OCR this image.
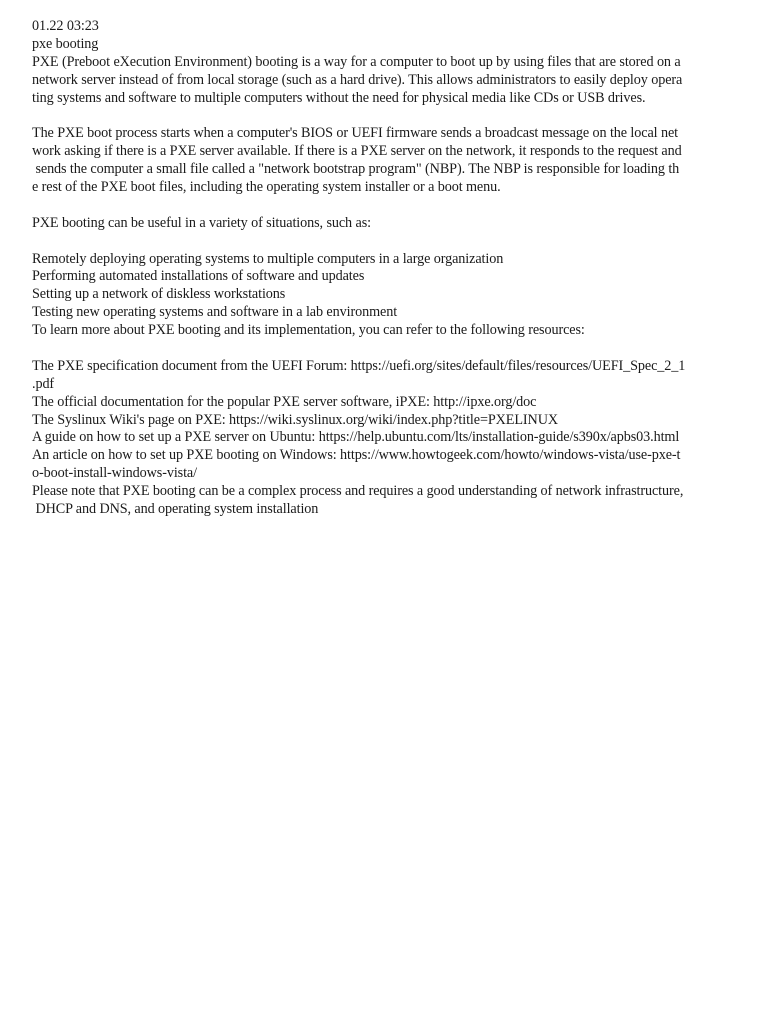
01.22 03:23
pxe booting
PXE (Preboot eXecution Environment) booting is a way for a computer to boot up by using files that are stored on a
network server instead of from local storage (such as a hard drive). This allows administrators to easily deploy opera
ting systems and software to multiple computers without the need for physical media like CDs or USB drives.
The PXE boot process starts when a computer's BIOS or UEFI firmware sends a broadcast message on the local net
work asking if there is a PXE server available. If there is a PXE server on the network, it responds to the request and
sends the computer a small file called a "network bootstrap program" (NBP). The NBP is responsible for loading th
e rest of the PXE boot files, including the operating system installer or a boot menu.
PXE booting can be useful in a variety of situations, such as:
Remotely deploying operating systems to multiple computers in a large organization
Performing automated installations of software and updates
Setting up a network of diskless workstations
Testing new operating systems and software in a lab environment
To learn more about PXE booting and its implementation, you can refer to the following resources:
The PXE specification document from the UEFI Forum: https://uefi.org/sites/default/files/resources/UEFI_Spec_2_1
.pdf
The official documentation for the popular PXE server software, iPXE: http://ipxe.org/doc
The Syslinux Wiki's page on PXE: https://wiki.syslinux.org/wiki/index.php?title=PXELINUX
A guide on how to set up a PXE server on Ubuntu: https://help.ubuntu.com/lts/installation-guide/s390x/apbs03.html
An article on how to set up PXE booting on Windows: https://www.howtogeek.com/howto/windows-vista/use-pxe-t
o-boot-install-windows-vista/
Please note that PXE booting can be a complex process and requires a good understanding of network infrastructure,
DHCP and DNS, and operating system installation
